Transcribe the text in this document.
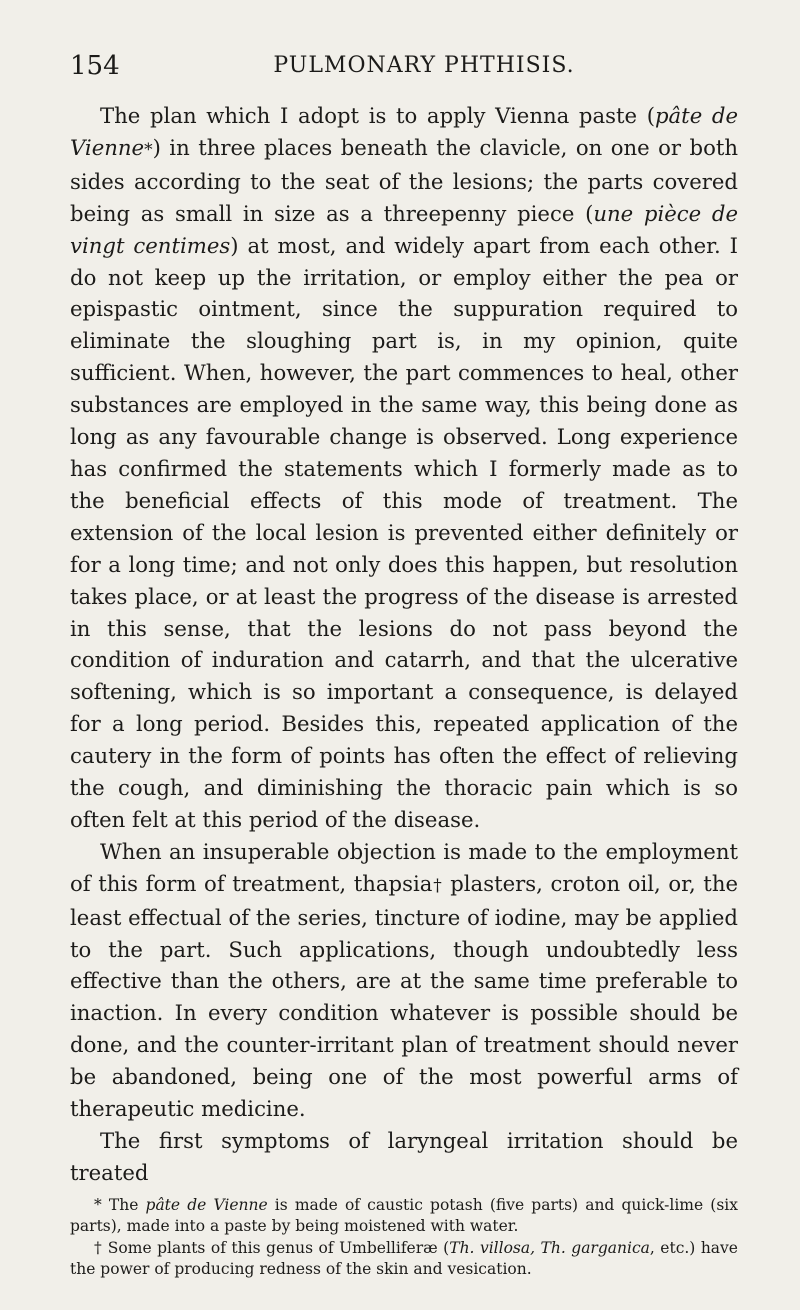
154	PULMONARY PHTHISIS.

The plan which I adopt is to apply Vienna paste (pâte de Vienne*) in three places beneath the clavicle, on one or both sides according to the seat of the lesions; the parts covered being as small in size as a threepenny piece (une pièce de vingt centimes) at most, and widely apart from each other. I do not keep up the irritation, or employ either the pea or epispastic ointment, since the suppuration required to eliminate the sloughing part is, in my opinion, quite sufficient. When, however, the part commences to heal, other substances are employed in the same way, this being done as long as any favourable change is observed. Long experience has confirmed the statements which I formerly made as to the beneficial effects of this mode of treatment. The extension of the local lesion is prevented either definitely or for a long time; and not only does this happen, but resolution takes place, or at least the progress of the disease is arrested in this sense, that the lesions do not pass beyond the condition of induration and catarrh, and that the ulcerative softening, which is so important a consequence, is delayed for a long period. Besides this, repeated application of the cautery in the form of points has often the effect of relieving the cough, and diminishing the thoracic pain which is so often felt at this period of the disease.

When an insuperable objection is made to the employment of this form of treatment, thapsia† plasters, croton oil, or, the least effectual of the series, tincture of iodine, may be applied to the part. Such applications, though undoubtedly less effective than the others, are at the same time preferable to inaction. In every condition whatever is possible should be done, and the counter-irritant plan of treatment should never be abandoned, being one of the most powerful arms of therapeutic medicine.

The first symptoms of laryngeal irritation should be treated

* The pâte de Vienne is made of caustic potash (five parts) and quick-lime (six parts), made into a paste by being moistened with water.

† Some plants of this genus of Umbelliferæ (Th. villosa, Th. garganica, etc.) have the power of producing redness of the skin and vesication.
